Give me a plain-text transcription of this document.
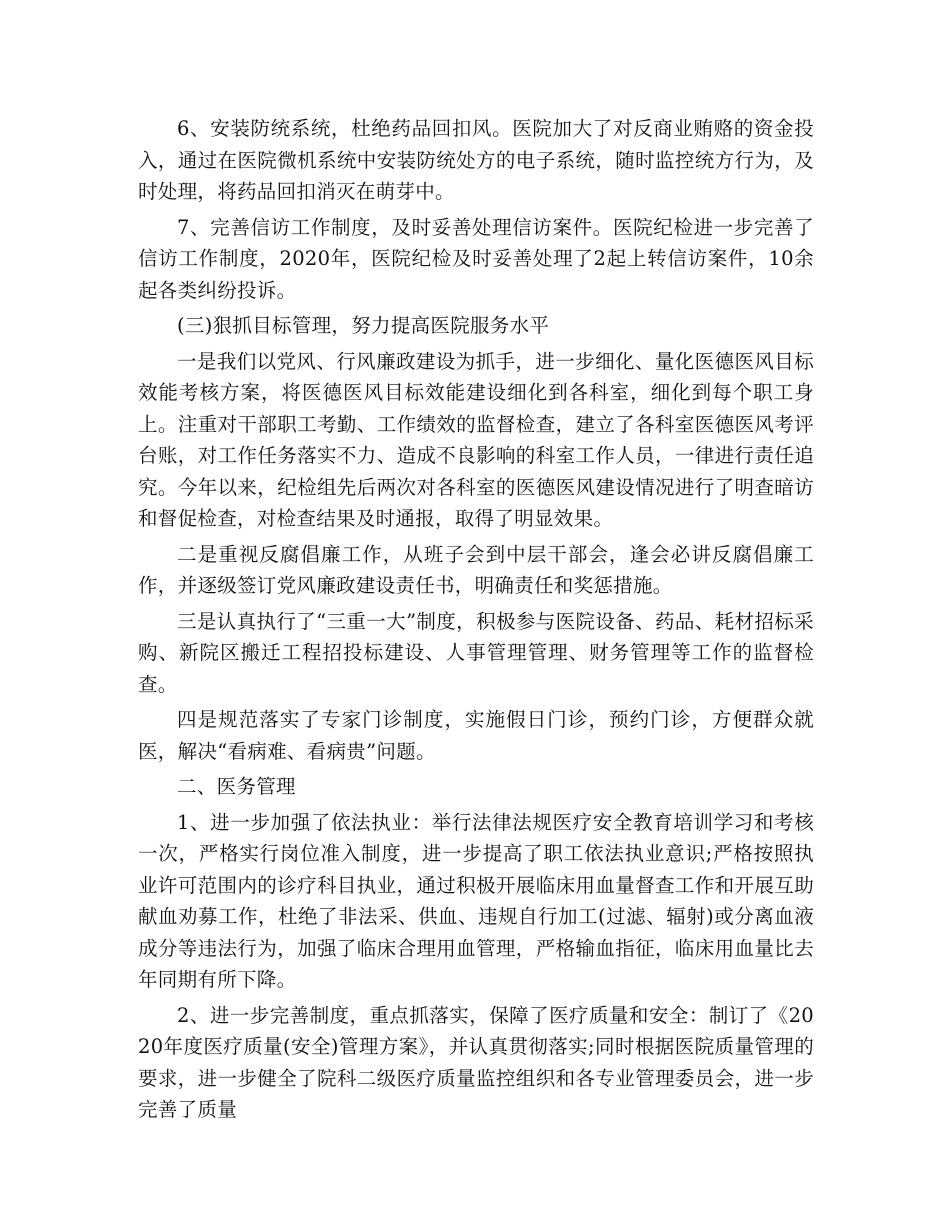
6、安装防统系统，杜绝药品回扣风。医院加大了对反商业贿赂的资金投入，通过在医院微机系统中安装防统处方的电子系统，随时监控统方行为，及时处理，将药品回扣消灭在萌芽中。

7、完善信访工作制度，及时妥善处理信访案件。医院纪检进一步完善了信访工作制度，2020年，医院纪检及时妥善处理了2起上转信访案件，10余起各类纠纷投诉。

(三)狠抓目标管理，努力提高医院服务水平

一是我们以党风、行风廉政建设为抓手，进一步细化、量化医德医风目标效能考核方案，将医德医风目标效能建设细化到各科室，细化到每个职工身上。注重对干部职工考勤、工作绩效的监督检查，建立了各科室医德医风考评台账，对工作任务落实不力、造成不良影响的科室工作人员，一律进行责任追究。今年以来，纪检组先后两次对各科室的医德医风建设情况进行了明查暗访和督促检查，对检查结果及时通报，取得了明显效果。

二是重视反腐倡廉工作，从班子会到中层干部会，逢会必讲反腐倡廉工作，并逐级签订党风廉政建设责任书，明确责任和奖惩措施。

三是认真执行了“三重一大”制度，积极参与医院设备、药品、耗材招标采购、新院区搬迁工程招投标建设、人事管理管理、财务管理等工作的监督检查。

四是规范落实了专家门诊制度，实施假日门诊，预约门诊，方便群众就医，解决“看病难、看病贵”问题。

二、医务管理

1、进一步加强了依法执业：举行法律法规医疗安全教育培训学习和考核一次，严格实行岗位准入制度，进一步提高了职工依法执业意识;严格按照执业许可范围内的诊疗科目执业，通过积极开展临床用血量督查工作和开展互助献血劝募工作，杜绝了非法采、供血、违规自行加工(过滤、辐射)或分离血液成分等违法行为，加强了临床合理用血管理，严格输血指征，临床用血量比去年同期有所下降。

2、进一步完善制度，重点抓落实，保障了医疗质量和安全：制订了《2020年度医疗质量(安全)管理方案》，并认真贯彻落实;同时根据医院质量管理的要求，进一步健全了院科二级医疗质量监控组织和各专业管理委员会，进一步完善了质量
